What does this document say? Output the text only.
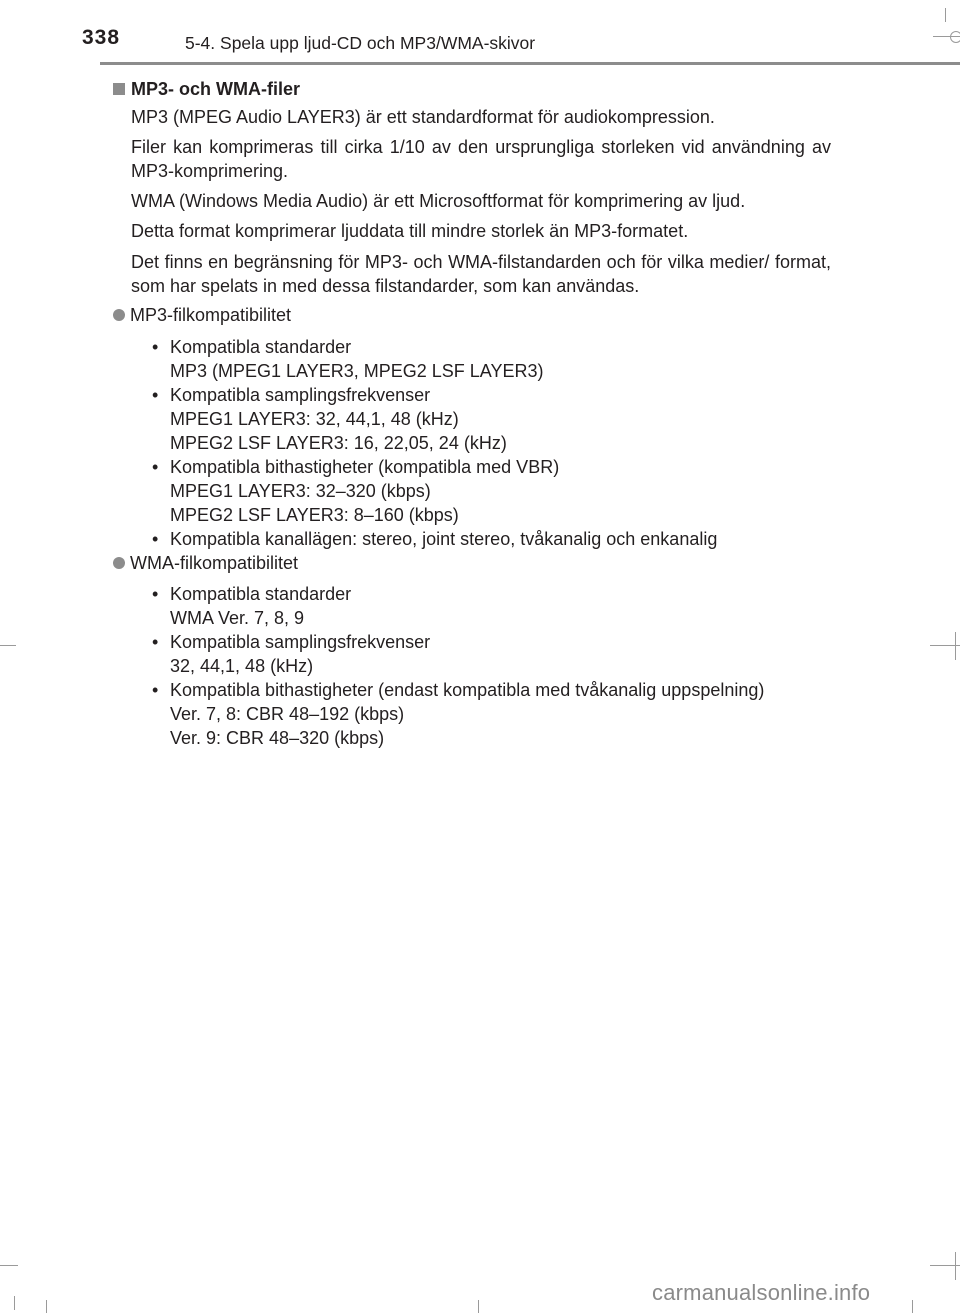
338	5-4. Spela upp ljud-CD och MP3/WMA-skivor
MP3- och WMA-filer
MP3 (MPEG Audio LAYER3) är ett standardformat för audiokompression.
Filer kan komprimeras till cirka 1/10 av den ursprungliga storleken vid användning av MP3-komprimering.
WMA (Windows Media Audio) är ett Microsoftformat för komprimering av ljud.
Detta format komprimerar ljuddata till mindre storlek än MP3-formatet.
Det finns en begränsning för MP3- och WMA-filstandarden och för vilka medier/ format, som har spelats in med dessa filstandarder, som kan användas.
MP3-filkompatibilitet
• Kompatibla standarder
MP3 (MPEG1 LAYER3, MPEG2 LSF LAYER3)
• Kompatibla samplingsfrekvenser
MPEG1 LAYER3: 32, 44,1, 48 (kHz)
MPEG2 LSF LAYER3: 16, 22,05, 24 (kHz)
• Kompatibla bithastigheter (kompatibla med VBR)
MPEG1 LAYER3: 32–320 (kbps)
MPEG2 LSF LAYER3: 8–160 (kbps)
• Kompatibla kanallägen: stereo, joint stereo, tvåkanalig och enkanalig
WMA-filkompatibilitet
• Kompatibla standarder
WMA Ver. 7, 8, 9
• Kompatibla samplingsfrekvenser
32, 44,1, 48 (kHz)
• Kompatibla bithastigheter (endast kompatibla med tvåkanalig uppspelning)
Ver. 7, 8: CBR 48–192 (kbps)
Ver. 9: CBR 48–320 (kbps)
carmanualsonline.info
